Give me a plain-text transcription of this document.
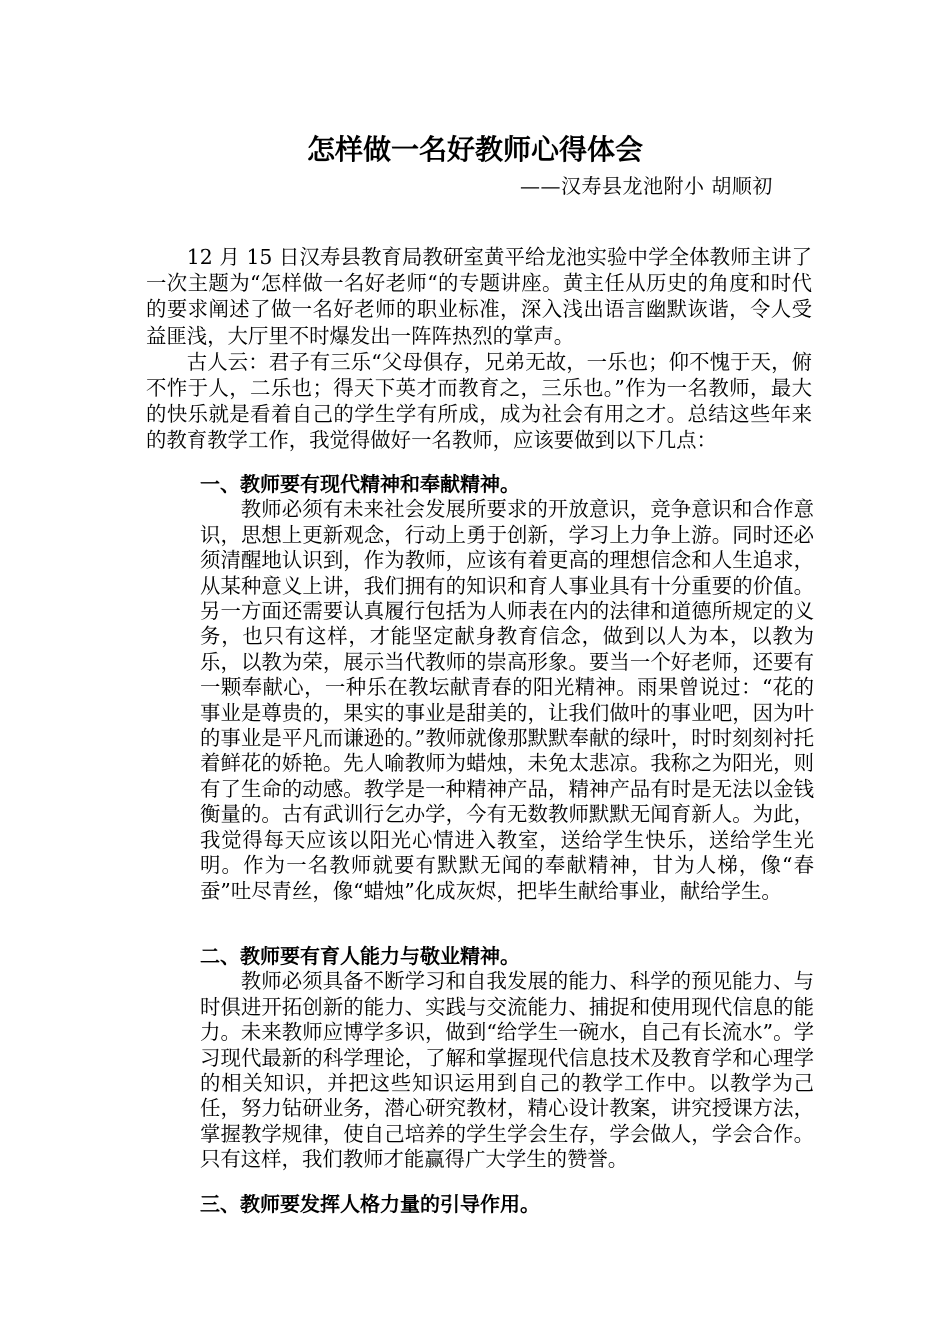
怎样做一名好教师心得体会
——汉寿县龙池附小 胡顺初

12 月 15 日汉寿县教育局教研室黄平给龙池实验中学全体教师主讲了一次主题为“怎样做一名好老师“的专题讲座。黄主任从历史的角度和时代的要求阐述了做一名好老师的职业标准，深入浅出语言幽默诙谐，令人受益匪浅，大厅里不时爆发出一阵阵热烈的掌声。

古人云：君子有三乐“父母俱存，兄弟无故，一乐也；仰不愧于天，俯不怍于人，二乐也；得天下英才而教育之，三乐也。”作为一名教师，最大的快乐就是看着自己的学生学有所成，成为社会有用之才。总结这些年来的教育教学工作，我觉得做好一名教师，应该要做到以下几点：

一、教师要有现代精神和奉献精神。

教师必须有未来社会发展所要求的开放意识，竞争意识和合作意识，思想上更新观念，行动上勇于创新，学习上力争上游。同时还必须清醒地认识到，作为教师，应该有着更高的理想信念和人生追求，从某种意义上讲，我们拥有的知识和育人事业具有十分重要的价值。另一方面还需要认真履行包括为人师表在内的法律和道德所规定的义务，也只有这样，才能坚定献身教育信念，做到以人为本，以教为乐，以教为荣，展示当代教师的崇高形象。要当一个好老师，还要有一颗奉献心，一种乐在教坛献青春的阳光精神。雨果曾说过：“花的事业是尊贵的，果实的事业是甜美的，让我们做叶的事业吧，因为叶的事业是平凡而谦逊的。”教师就像那默默奉献的绿叶，时时刻刻衬托着鲜花的娇艳。先人喻教师为蜡烛，未免太悲凉。我称之为阳光，则有了生命的动感。教学是一种精神产品，精神产品有时是无法以金钱衡量的。古有武训行乞办学，今有无数教师默默无闻育新人。为此，我觉得每天应该以阳光心情进入教室，送给学生快乐，送给学生光明。作为一名教师就要有默默无闻的奉献精神，甘为人梯，像“春蚕”吐尽青丝，像“蜡烛”化成灰烬，把毕生献给事业，献给学生。

二、教师要有育人能力与敬业精神。

教师必须具备不断学习和自我发展的能力、科学的预见能力、与时俱进开拓创新的能力、实践与交流能力、捕捉和使用现代信息的能力。未来教师应博学多识，做到“给学生一碗水，自己有长流水”。学习现代最新的科学理论，了解和掌握现代信息技术及教育学和心理学的相关知识，并把这些知识运用到自己的教学工作中。以教学为己任，努力钻研业务，潜心研究教材，精心设计教案，讲究授课方法，掌握教学规律，使自己培养的学生学会生存，学会做人，学会合作。只有这样，我们教师才能赢得广大学生的赞誉。

三、教师要发挥人格力量的引导作用。
